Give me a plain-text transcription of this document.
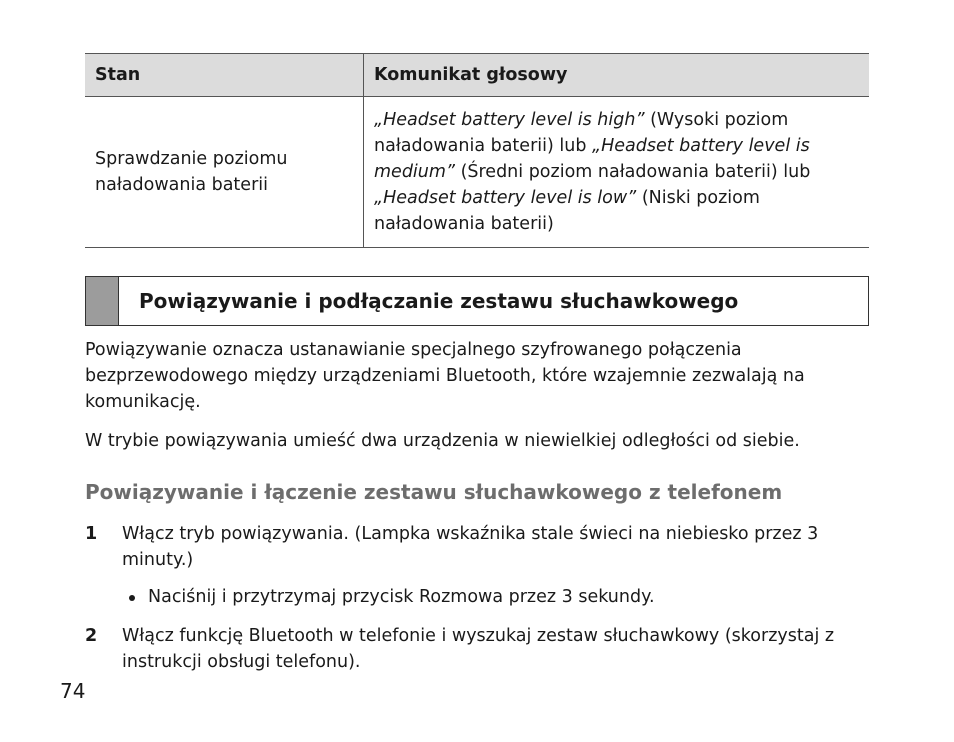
Stan	Komunikat głosowy

Sprawdzanie poziomu naładowania baterii	„Headset battery level is high” (Wysoki poziom naładowania baterii) lub „Headset battery level is medium” (Średni poziom naładowania baterii) lub „Headset battery level is low” (Niski poziom naładowania baterii)

Powiązywanie i podłączanie zestawu słuchawkowego

Powiązywanie oznacza ustanawianie specjalnego szyfrowanego połączenia bezprzewodowego między urządzeniami Bluetooth, które wzajemnie zezwalają na komunikację.

W trybie powiązywania umieść dwa urządzenia w niewielkiej odległości od siebie.

Powiązywanie i łączenie zestawu słuchawkowego z telefonem
1 Włącz tryb powiązywania. (Lampka wskaźnika stale świeci na niebiesko przez 3 minuty.)
Naciśnij i przytrzymaj przycisk Rozmowa przez 3 sekundy.
2 Włącz funkcję Bluetooth w telefonie i wyszukaj zestaw słuchawkowy (skorzystaj z instrukcji obsługi telefonu).
74
